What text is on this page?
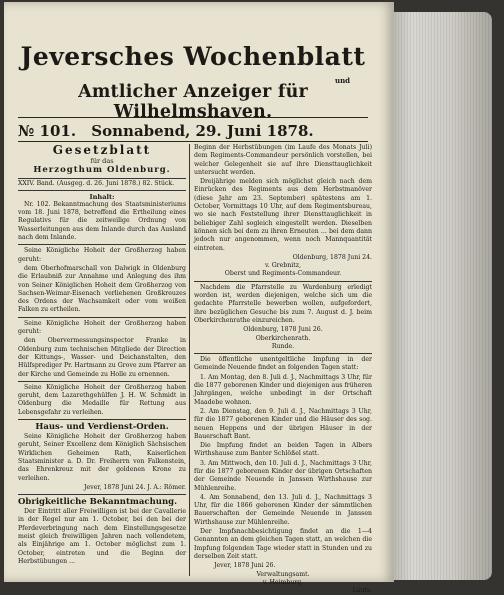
Jeversches Wochenblatt
und
Amtlicher Anzeiger für Wilhelmshaven.
№ 101. Sonnabend, 29. Juni 1878.
Gesetzblatt
für das
Herzogthum Oldenburg.
XXIV. Band. (Ausgeg. d. 26. Juni 1878.) 82. Stück.
Inhalt:
Nr. 102. Bekanntmachung des Staatsministeriums vom 18. Juni 1878, betreffend die Ertheilung eines Regulativs für die zeitweilige Ordnung von Wasserleitungen aus dem Inlande durch das Ausland nach dem Inlande.
Seine Königliche Hoheit der Großherzog haben geruht:
dem Oberhofmarschall von Dalwigk in Oldenburg die Erlaubniß zur Annahme und Anlegung des ihm von Seiner Königlichen Hoheit dem Großherzog von Sachsen-Weimar-Eisenach verliehenen Großkreuzes des Ordens der Wachsamkeit oder vom weißen Falken zu ertheilen.
Seine Königliche Hoheit der Großherzog haben geruht:
den Obervermessungsinspector Franke in Oldenburg zum technischen Mitgliede der Direction der Kittungs-, Wasser- und Deichanstalten, den Hülfsprediger Pr. Hartmann zu Grove zum Pfarrer an der Kirche und Gemeinde zu Holle zu ernennen.
Seine Königliche Hoheit der Großherzog haben geruht, dem Lazarethgehülfen J. H. W. Schmidt in Oldenburg die Medaille für Rettung aus Lebensgefahr zu verleihen.
Haus- und Verdienst-Orden.
Seine Königliche Hoheit der Großherzog haben geruht, Seiner Excellenz dem Königlich Sächsischen Wirklichen Geheimen Rath, Kaiserlichen Staatsminister a. D. Dr. Freiherrn von Falkenstein, das Ehrenkreuz mit der goldenen Krone zu verleihen.
Jever, 1878 Juni 24. J. A.: Römer.
Obrigkeitliche Bekanntmachung.
Der Eintritt aller Freiwilligen ist bei der Cavallerie in der Regel nur am 1. October, bei den bei der Pferdeverbringung nach dem Einstellungsgesetze meist gleich freiwilligen Jahren nach vollendetem, als Einjährige am 1. October möglichst zum 1. October, eintreten und die Beginn der Herbstübungen ...
Beginn der Herbstübungen (im Laufe des Monats Juli) dem Regiments-Commandeur persönlich vorstellen, bei welcher Gelegenheit sie auf ihre Diensttauglichkeit untersucht werden.
Dreijährige melden sich möglichst gleich nach dem Einrücken des Regiments aus dem Herbstmanöver (diese Jahr am 23. September) spätestens am 1. October, Vormittags 10 Uhr, auf dem Regimentsbureau, wo sie nach Feststellung ihrer Diensttauglichkeit in beliebiger Zahl sogleich eingestellt werden. Dieselben können sich bei dem zu ihren Erneuten ... bei dem dann jedoch nur angenommen, wenn noch Mannquantität eintreten.
Oldenburg, 1878 Juni 24.
v. Grebnitz,
Oberst und Regiments-Commandeur.
Nachdem die Pfarrstelle zu Wardenburg erledigt worden ist, werden diejenigen, welche sich um die gedachte Pfarrstelle bewerben wollen, aufgefordert, ihre bezüglichen Gesuche bis zum 7. August d. J. beim Oberkirchenrathe einzureichen.
Oldenburg, 1878 Juni 26.
Oberkirchenrath.
Runde.
Die öffentliche unentgeltliche Impfung in der Gemeinde Neuende findet an folgenden Tagen statt:
1. Am Montag, den 8. Juli d. J., Nachmittags 3 Uhr, für die 1877 geborenen Kinder und diejenigen aus früheren Jahrgängen, welche unbedingt in der Ortschaft Maadebe wohnen.
2. Am Dienstag, den 9. Juli d. J., Nachmittags 3 Uhr, für die 1877 geborenen Kinder und die Häuser des sog. neuen Heppens und der übrigen Häuser in der Bauerschaft Bant.
Die Impfung findet an beiden Tagen in Albers Wirthshause zum Banter Schlößel statt.
3. Am Mittwoch, den 10. Juli d. J., Nachmittags 3 Uhr, für die 1877 geborenen Kinder der übrigen Ortschaften der Gemeinde Neuende in Janssen Wirthshause zur Mühlenreihe.
4. Am Sonnabend, den 13. Juli d. J., Nachmittags 3 Uhr, für die 1866 geborenen Kinder der sämmtlichen Bauerschaften der Gemeinde Neuende in Janssen Wirthshause zur Mühlenreihe.
Der Impfsnachbesichtigung findet an die 1—4 Genannten an dem gleichen Tagen statt, an welchen die Impfung folgenden Tage wieder statt in Stunden und zu derselben Zeit statt.
Jever, 1878 Juni 26.
Verwaltungsamt.
v. Heimburg.
Lauts.
